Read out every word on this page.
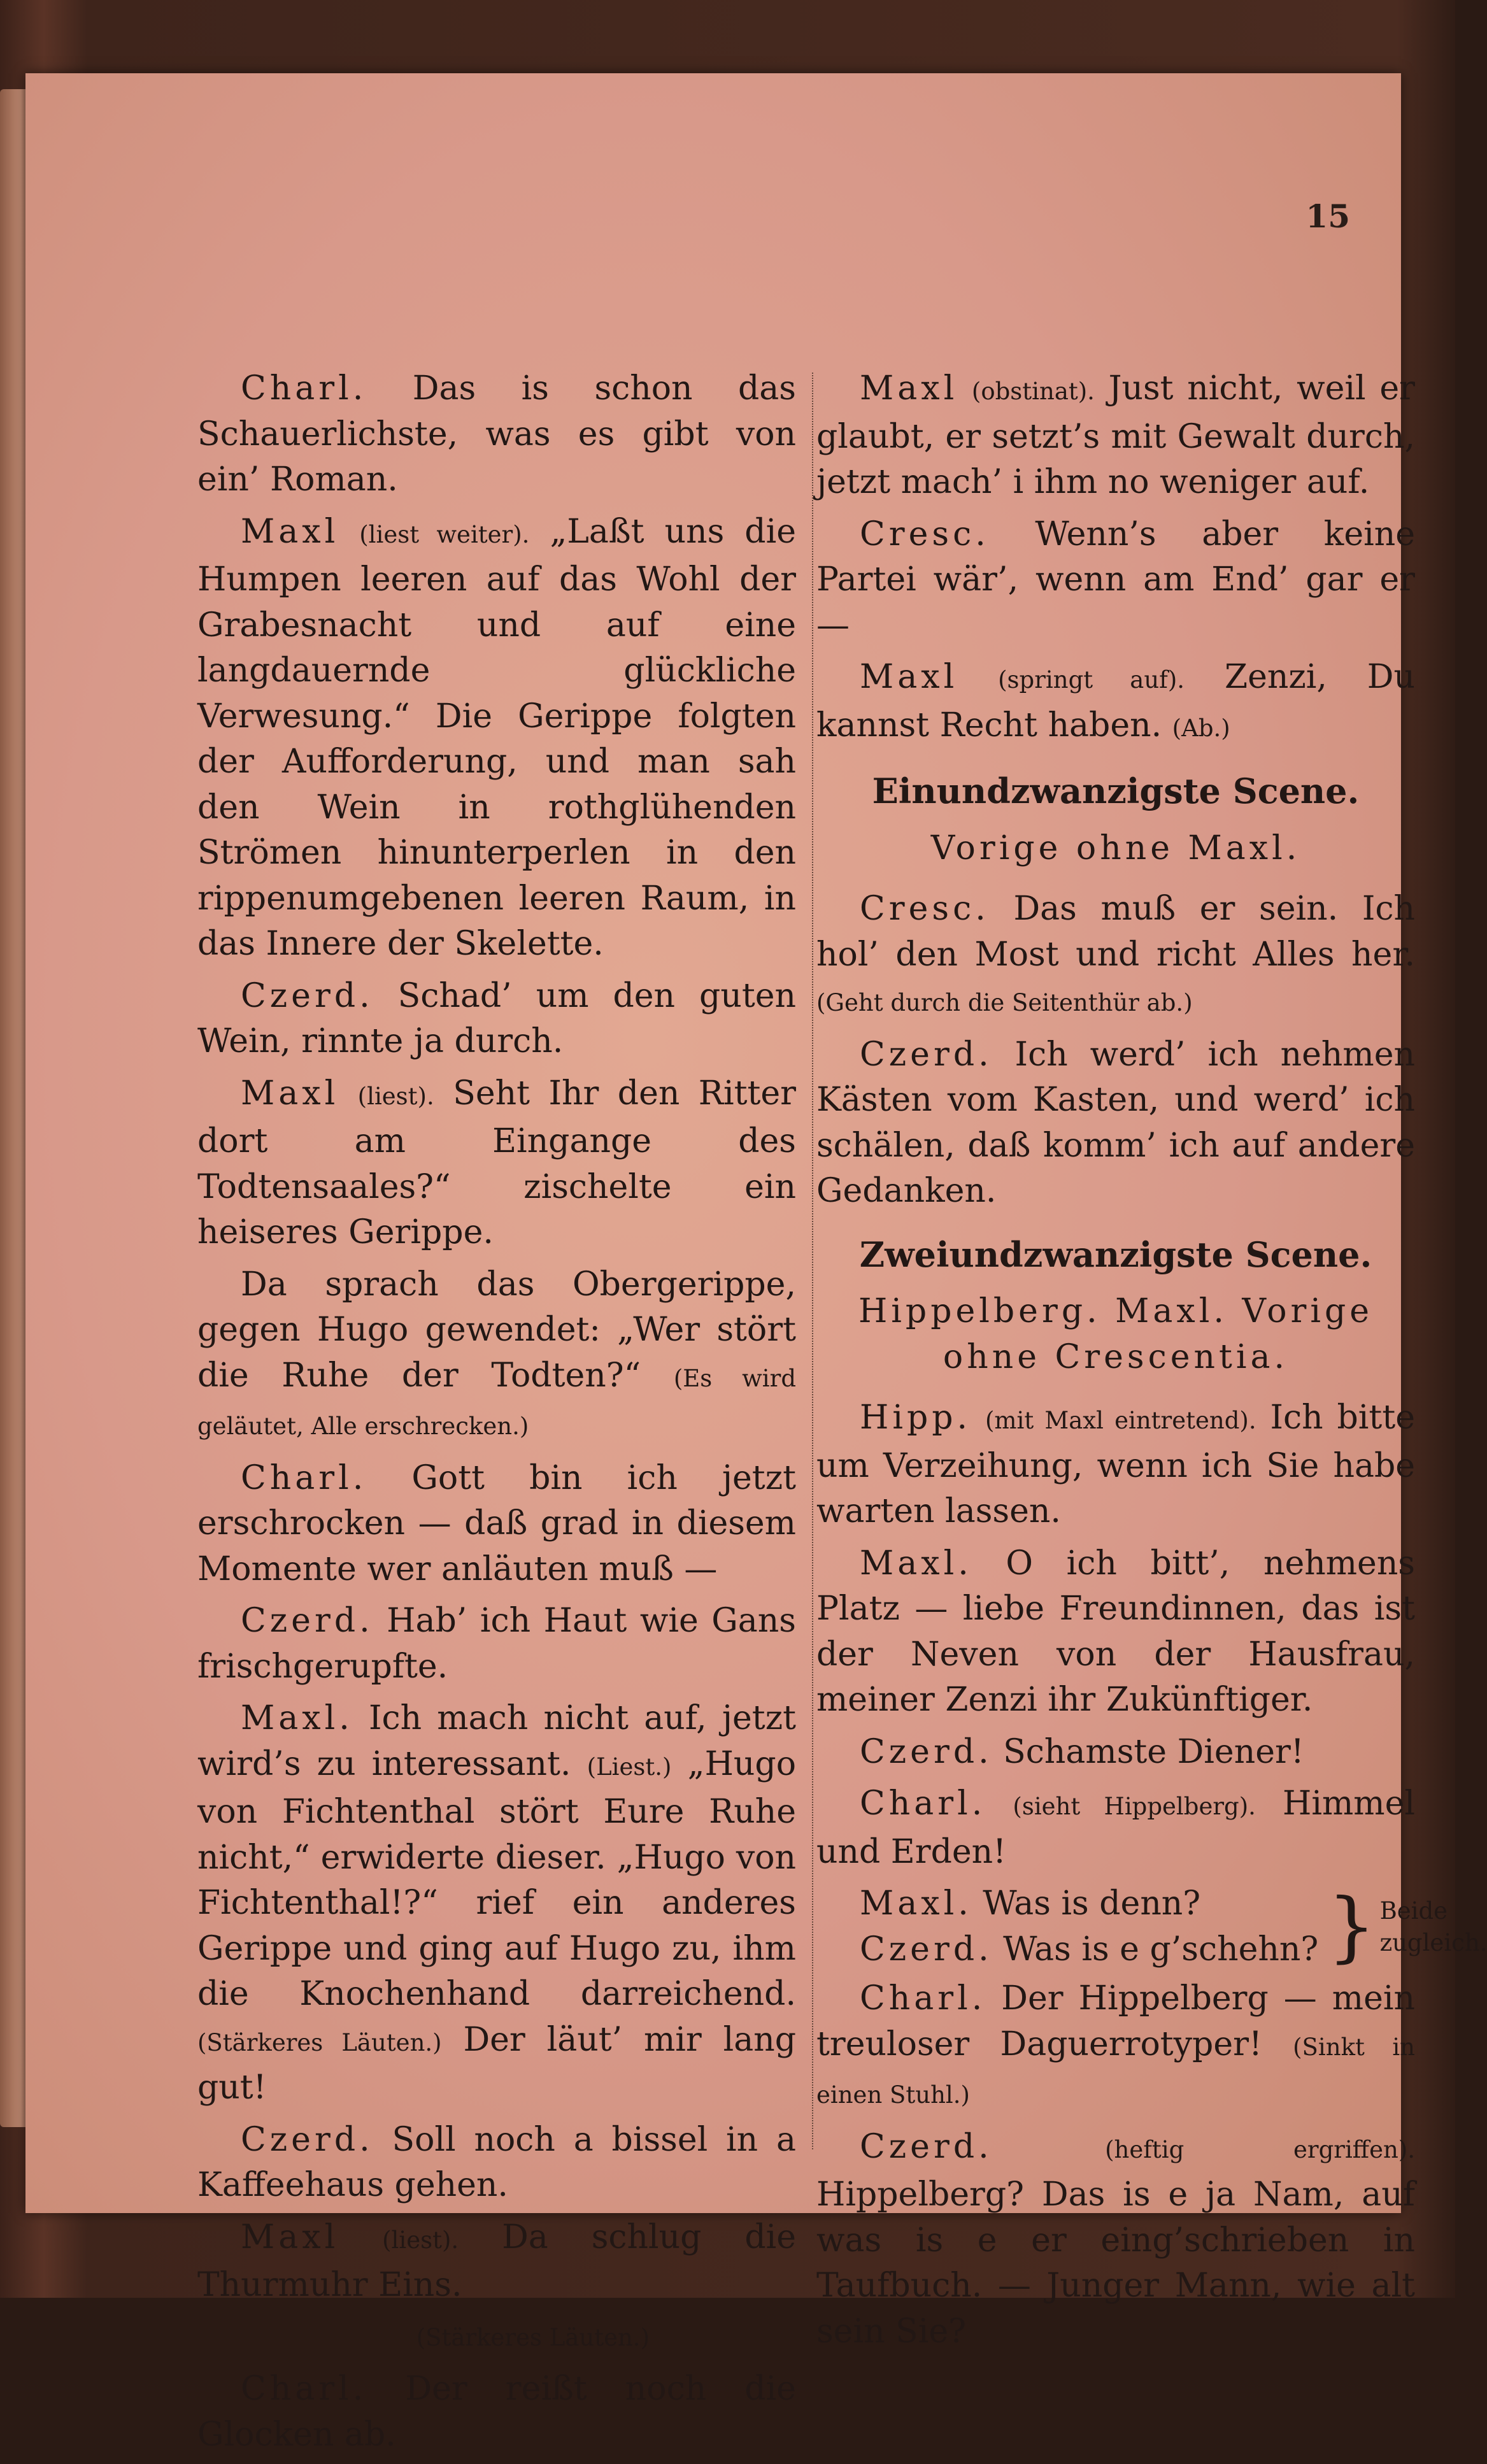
15

Charl. Das is schon das Schauerlichste, was es gibt von ein’ Roman.

Maxl (liest weiter). „Laßt uns die Humpen leeren auf das Wohl der Grabesnacht und auf eine langdauernde glückliche Verwesung.“ Die Gerippe folgten der Aufforderung, und man sah den Wein in rothglühenden Strömen hinunterperlen in den rippenumgebenen leeren Raum, in das Innere der Skelette.

Czerd. Schad’ um den guten Wein, rinnte ja durch.

Maxl (liest). Seht Ihr den Ritter dort am Eingange des Todtensaales?“ zischelte ein heiseres Gerippe.

Da sprach das Obergerippe, gegen Hugo gewendet: „Wer stört die Ruhe der Todten?“ (Es wird geläutet, Alle erschrecken.)

Charl. Gott bin ich jetzt erschrocken — daß grad in diesem Momente wer anläuten muß —

Czerd. Hab’ ich Haut wie Gans frischgerupfte.

Maxl. Ich mach nicht auf, jetzt wird’s zu interessant. (Liest.) „Hugo von Fichtenthal stört Eure Ruhe nicht,“ erwiderte dieser. „Hugo von Fichtenthal!?“ rief ein anderes Gerippe und ging auf Hugo zu, ihm die Knochenhand darreichend. (Stärkeres Läuten.) Der läut’ mir lang gut!

Czerd. Soll noch a bissel in a Kaffeehaus gehen.

Maxl (liest). Da schlug die Thurmuhr Eins.

(Stärkeres Läuten.)

Charl. Der reißt noch die Glocken ab.

Maxl (obstinat). Just nicht, weil er glaubt, er setzt’s mit Gewalt durch, jetzt mach’ i ihm no weniger auf.

Cresc. Wenn’s aber keine Partei wär’, wenn am End’ gar er —

Maxl (springt auf). Zenzi, Du kannst Recht haben. (Ab.)

Einundzwanzigste Scene.

Vorige ohne Maxl.

Cresc. Das muß er sein. Ich hol’ den Most und richt Alles her. (Geht durch die Seitenthür ab.)

Czerd. Ich werd’ ich nehmen Kästen vom Kasten, und werd’ ich schälen, daß komm’ ich auf andere Gedanken.

Zweiundzwanzigste Scene.

Hippelberg. Maxl. Vorige ohne Crescentia.

Hipp. (mit Maxl eintretend). Ich bitte um Verzeihung, wenn ich Sie habe warten lassen.

Maxl. O ich bitt’, nehmens Platz — liebe Freundinnen, das ist der Neven von der Hausfrau, meiner Zenzi ihr Zukünftiger.

Czerd. Schamste Diener!

Charl. (sieht Hippelberg). Himmel und Erden!

Maxl. Was is denn?
Czerd. Was is e g’schehn? } Beide
zugleich.

Charl. Der Hippelberg — mein treuloser Daguerrotyper! (Sinkt in einen Stuhl.)

Czerd.	(heftig ergriffen). Hippelberg? Das is e ja Nam, auf was is e er eing’schrieben in Taufbuch. — Junger Mann, wie alt sein Sie?
